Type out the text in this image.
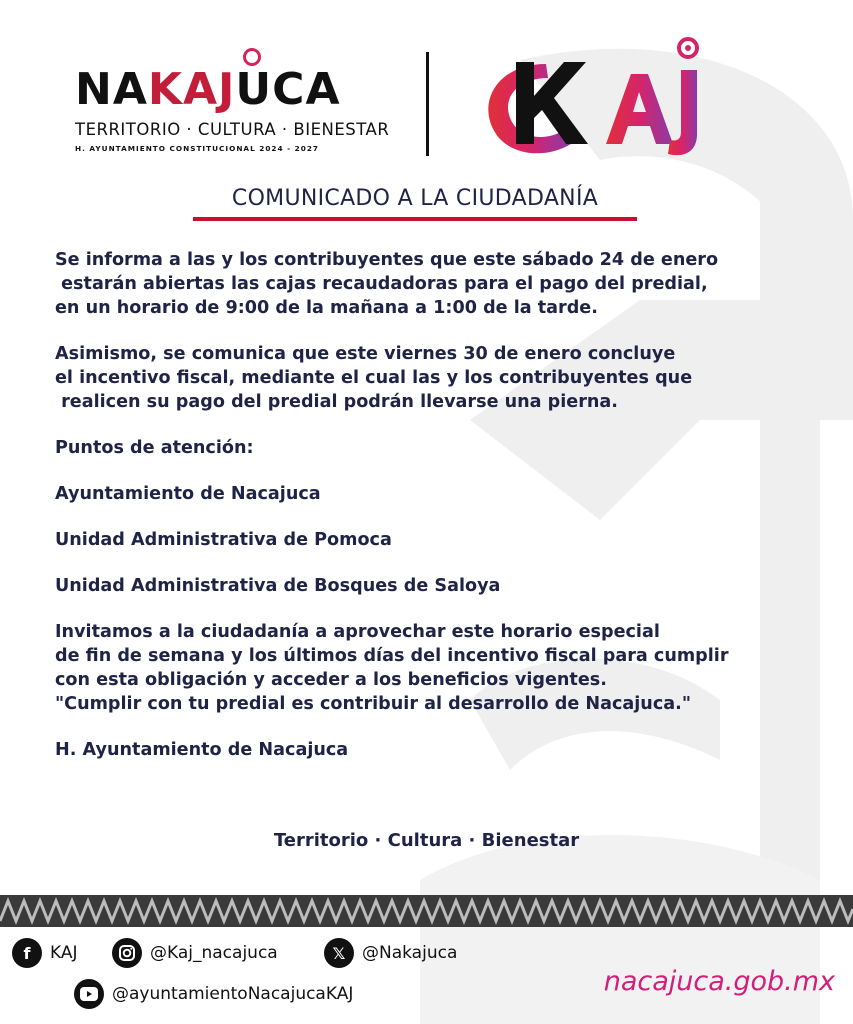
NAKAJUCA
TERRITORIO · CULTURA · BIENESTAR
H. AYUNTAMIENTO CONSTITUCIONAL 2024 - 2027
COMUNICADO A LA CIUDADANÍA

Se informa a las y los contribuyentes que este sábado 24 de enero

estarán abiertas las cajas recaudadoras para el pago del predial,

en un horario de 9:00 de la mañana a 1:00 de la tarde.

Asimismo, se comunica que este viernes 30 de enero concluye

el incentivo fiscal, mediante el cual las y los contribuyentes que

realicen su pago del predial podrán llevarse una pierna.

Puntos de atención:

Ayuntamiento de Nacajuca

Unidad Administrativa de Pomoca

Unidad Administrativa de Bosques de Saloya

Invitamos a la ciudadanía a aprovechar este horario especial

de fin de semana y los últimos días del incentivo fiscal para cumplir

con esta obligación y acceder a los beneficios vigentes.

"Cumplir con tu predial es contribuir al desarrollo de Nacajuca."

H. Ayuntamiento de Nacajuca

Territorio · Cultura · Bienestar
f	KAJ	@Kaj_nacajuca	𝕏 @Nakajuca
@ayuntamientoNacajucaKAJ	nacajuca.gob.mx
